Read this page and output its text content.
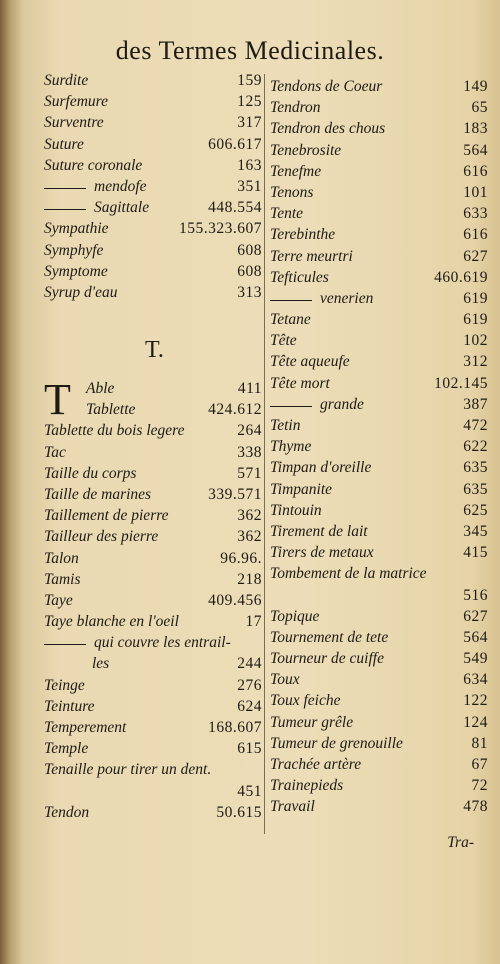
des Termes Medicinales.
Surdite	159
Surfemure	125
Surventre	317
Suture	606.617
Suture coronale	163
mendofe	351
Sagittale	448.554
Sympathie	155.323.607
Symphyfe	608
Symptome	608
Syrup d'eau	313
T.
T Able	411
Tablette	424.612
Tablette du bois legere	264
Tac	338
Taille du corps	571
Taille de marines	339.571
Taillement de pierre	362
Tailleur des pierre	362
Talon	96.96.
Tamis	218
Taye	409.456
Taye blanche en l'oeil	17
qui couvre les entrail-
les	244
Teinge	276
Teinture	624
Temperement	168.607
Temple	615
Tenaille pour tirer un dent.
451
Tendon	50.615
Tendons de Coeur	149
Tendron	65
Tendron des chous	183
Tenebrosite	564
Tenefme	616
Tenons	101
Tente	633
Terebinthe	616
Terre meurtri	627
Tefticules	460.619
venerien	619
Tetane	619
Tête	102
Tête aqueufe	312
Tête mort	102.145
grande	387
Tetin	472
Thyme	622
Timpan d'oreille	635
Timpanite	635
Tintouin	625
Tirement de lait	345
Tirers de metaux	415
Tombement de la matrice
516
Topique	627
Tournement de tete	564
Tourneur de cuiffe	549
Toux	634
Toux feiche	122
Tumeur grêle	124
Tumeur de grenouille	81
Trachée artère	67
Trainepieds	72
Travail	478
Tra-
